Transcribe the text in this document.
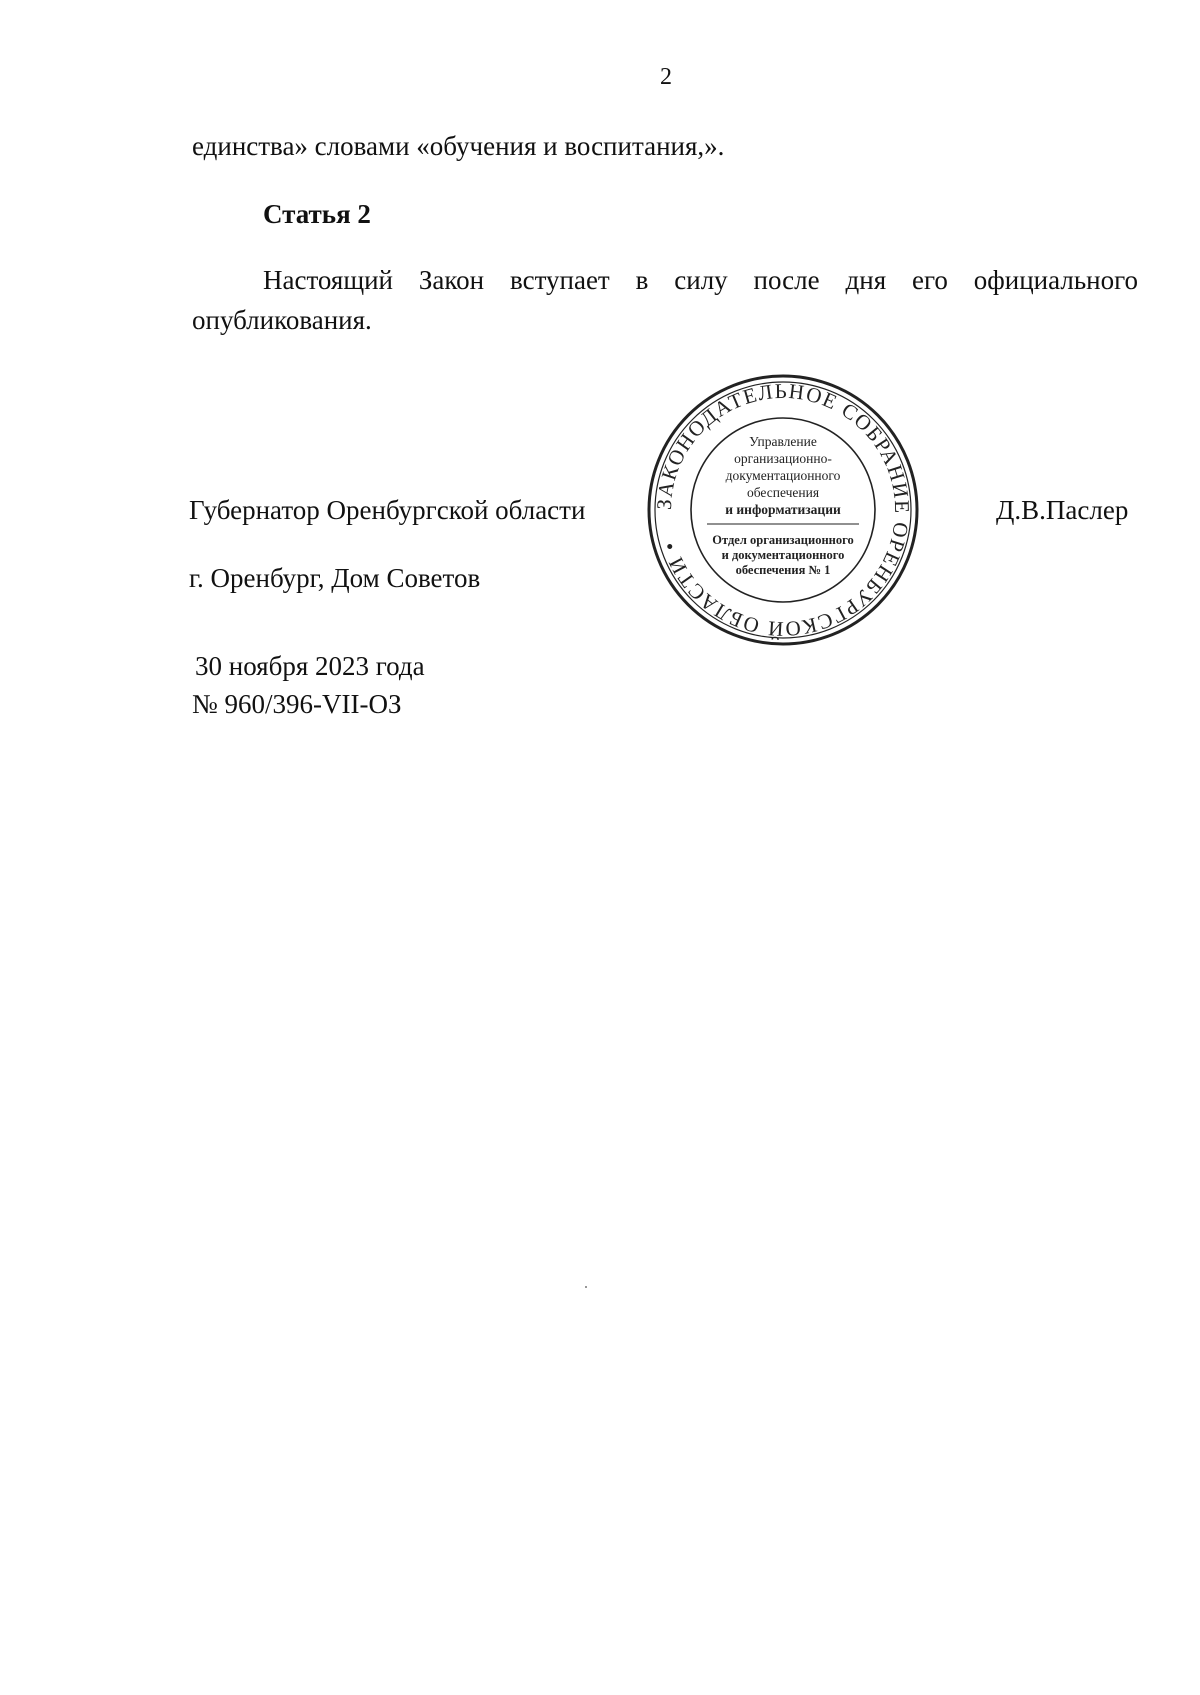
2
единства» словами «обучения и воспитания,».
Статья 2
Настоящий Закон вступает в силу после дня его официального опубликования.
Губернатор Оренбургской области	ЗАКОНОДАТЕЛЬНОЕ СОБРАНИЕ ОРЕНБУРГСКОЙ ОБЛАСТИ •
Управление
организационно-
документационного
обеспечения
и информатизации
Отдел организационного
и документационного
обеспечения № 1
Д.В.Паслер
г. Оренбург, Дом Советов
30 ноября 2023 года
№ 960/396-VII-ОЗ
